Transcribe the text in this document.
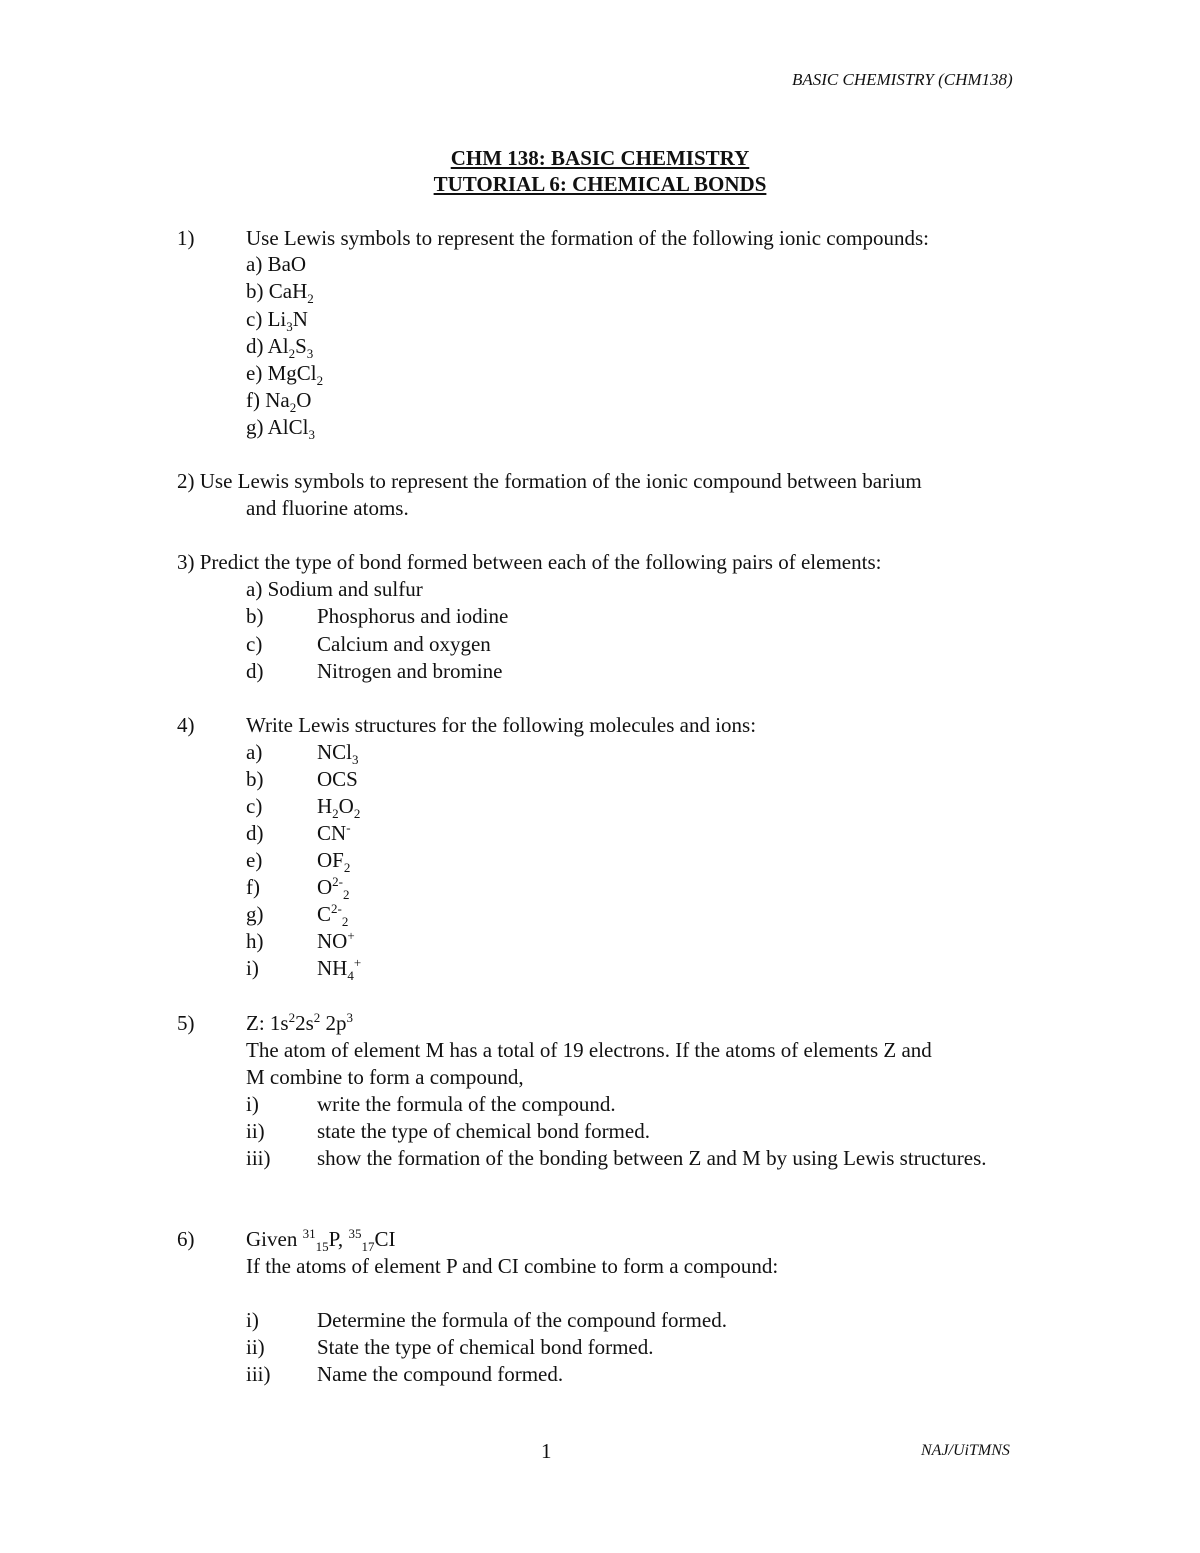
BASIC CHEMISTRY (CHM138)
CHM 138: BASIC CHEMISTRY
TUTORIAL 6: CHEMICAL BONDS
1) Use Lewis symbols to represent the formation of the following ionic compounds:
a) BaO
b) CaH$_2$
c) $Li_3N$
d) $Al_2S_3$
e) MgCl$_2$
f) $Na_2O$
g) AlCl$_3$
2) Use Lewis symbols to represent the formation of the ionic compound between barium
and fluorine atoms.
3) Predict the type of bond formed between each of the following pairs of elements:
a) Sodium and sulfur
b)	Phosphorus and iodine
c)	Calcium and oxygen
d)	Nitrogen and bromine
4) Write Lewis structures for the following molecules and ions:
a)	NCl$_3$
b)	OCS
c)	$H_2O_2$
d)	CN-
e)	$OF_2$
f)	$O^{2-}_2$
g)	$C^{2-}_2$
h)	NO+
i)	$NH_4^+$
5) Z: $1s^22s^2$ $2p^3$
The atom of element M has a total of 19 electrons. If the atoms of elements Z and
M combine to form a compound,
i)	write the formula of the compound.
ii) state the type of chemical bond formed.
iii) show the formation of the bonding between Z and M by using Lewis structures.
6) Given $^{31}_{15}$P, $^{35}_{17}$CI
If the atoms of element P and CI combine to form a compound:
i)	Determine the formula of the compound formed.
ii) State the type of chemical bond formed.
iii) Name the compound formed.
1	NAJ/UiTMNS
